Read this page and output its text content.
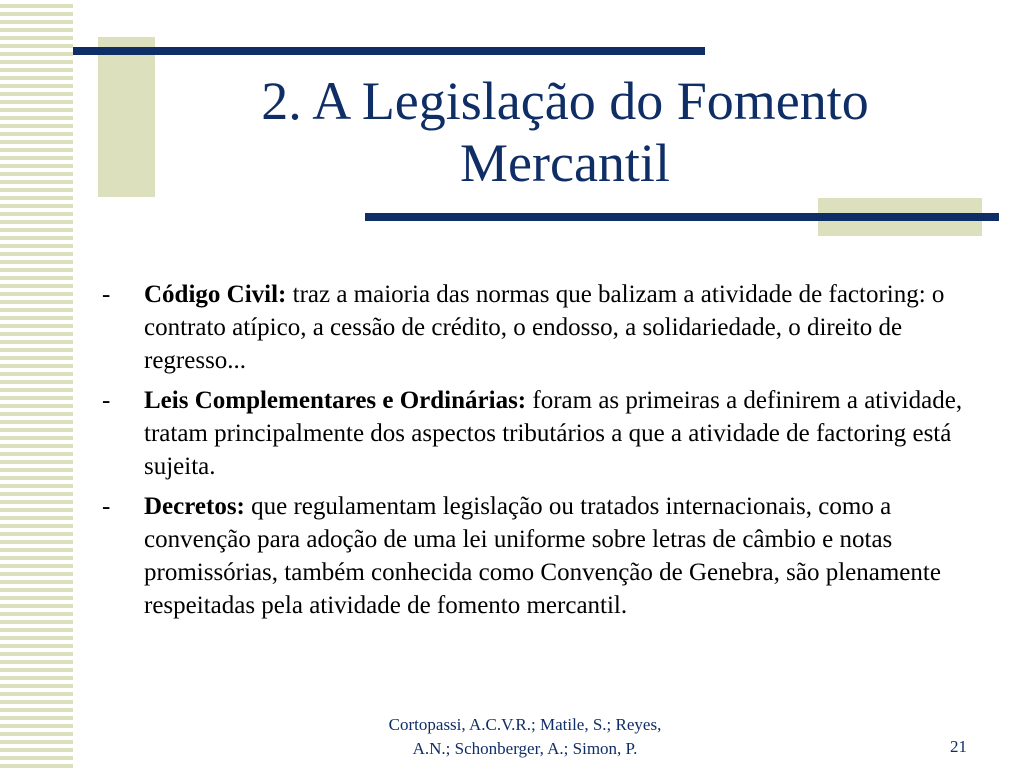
2. A Legislação do Fomento
Mercantil
-	Código Civil: traz a maioria das normas que balizam a atividade de factoring: o contrato atípico, a cessão de crédito, o endosso, a solidariedade, o direito de regresso...
-	Leis Complementares e Ordinárias: foram as primeiras a definirem a atividade, tratam principalmente dos aspectos tributários a que a atividade de factoring está sujeita.
-	Decretos: que regulamentam legislação ou tratados internacionais, como a convenção para adoção de uma lei uniforme sobre letras de câmbio e notas promissórias, também conhecida como Convenção de Genebra, são plenamente respeitadas pela atividade de fomento mercantil.
Cortopassi, A.C.V.R.; Matile, S.; Reyes,
A.N.; Schonberger, A.; Simon, P.	21
